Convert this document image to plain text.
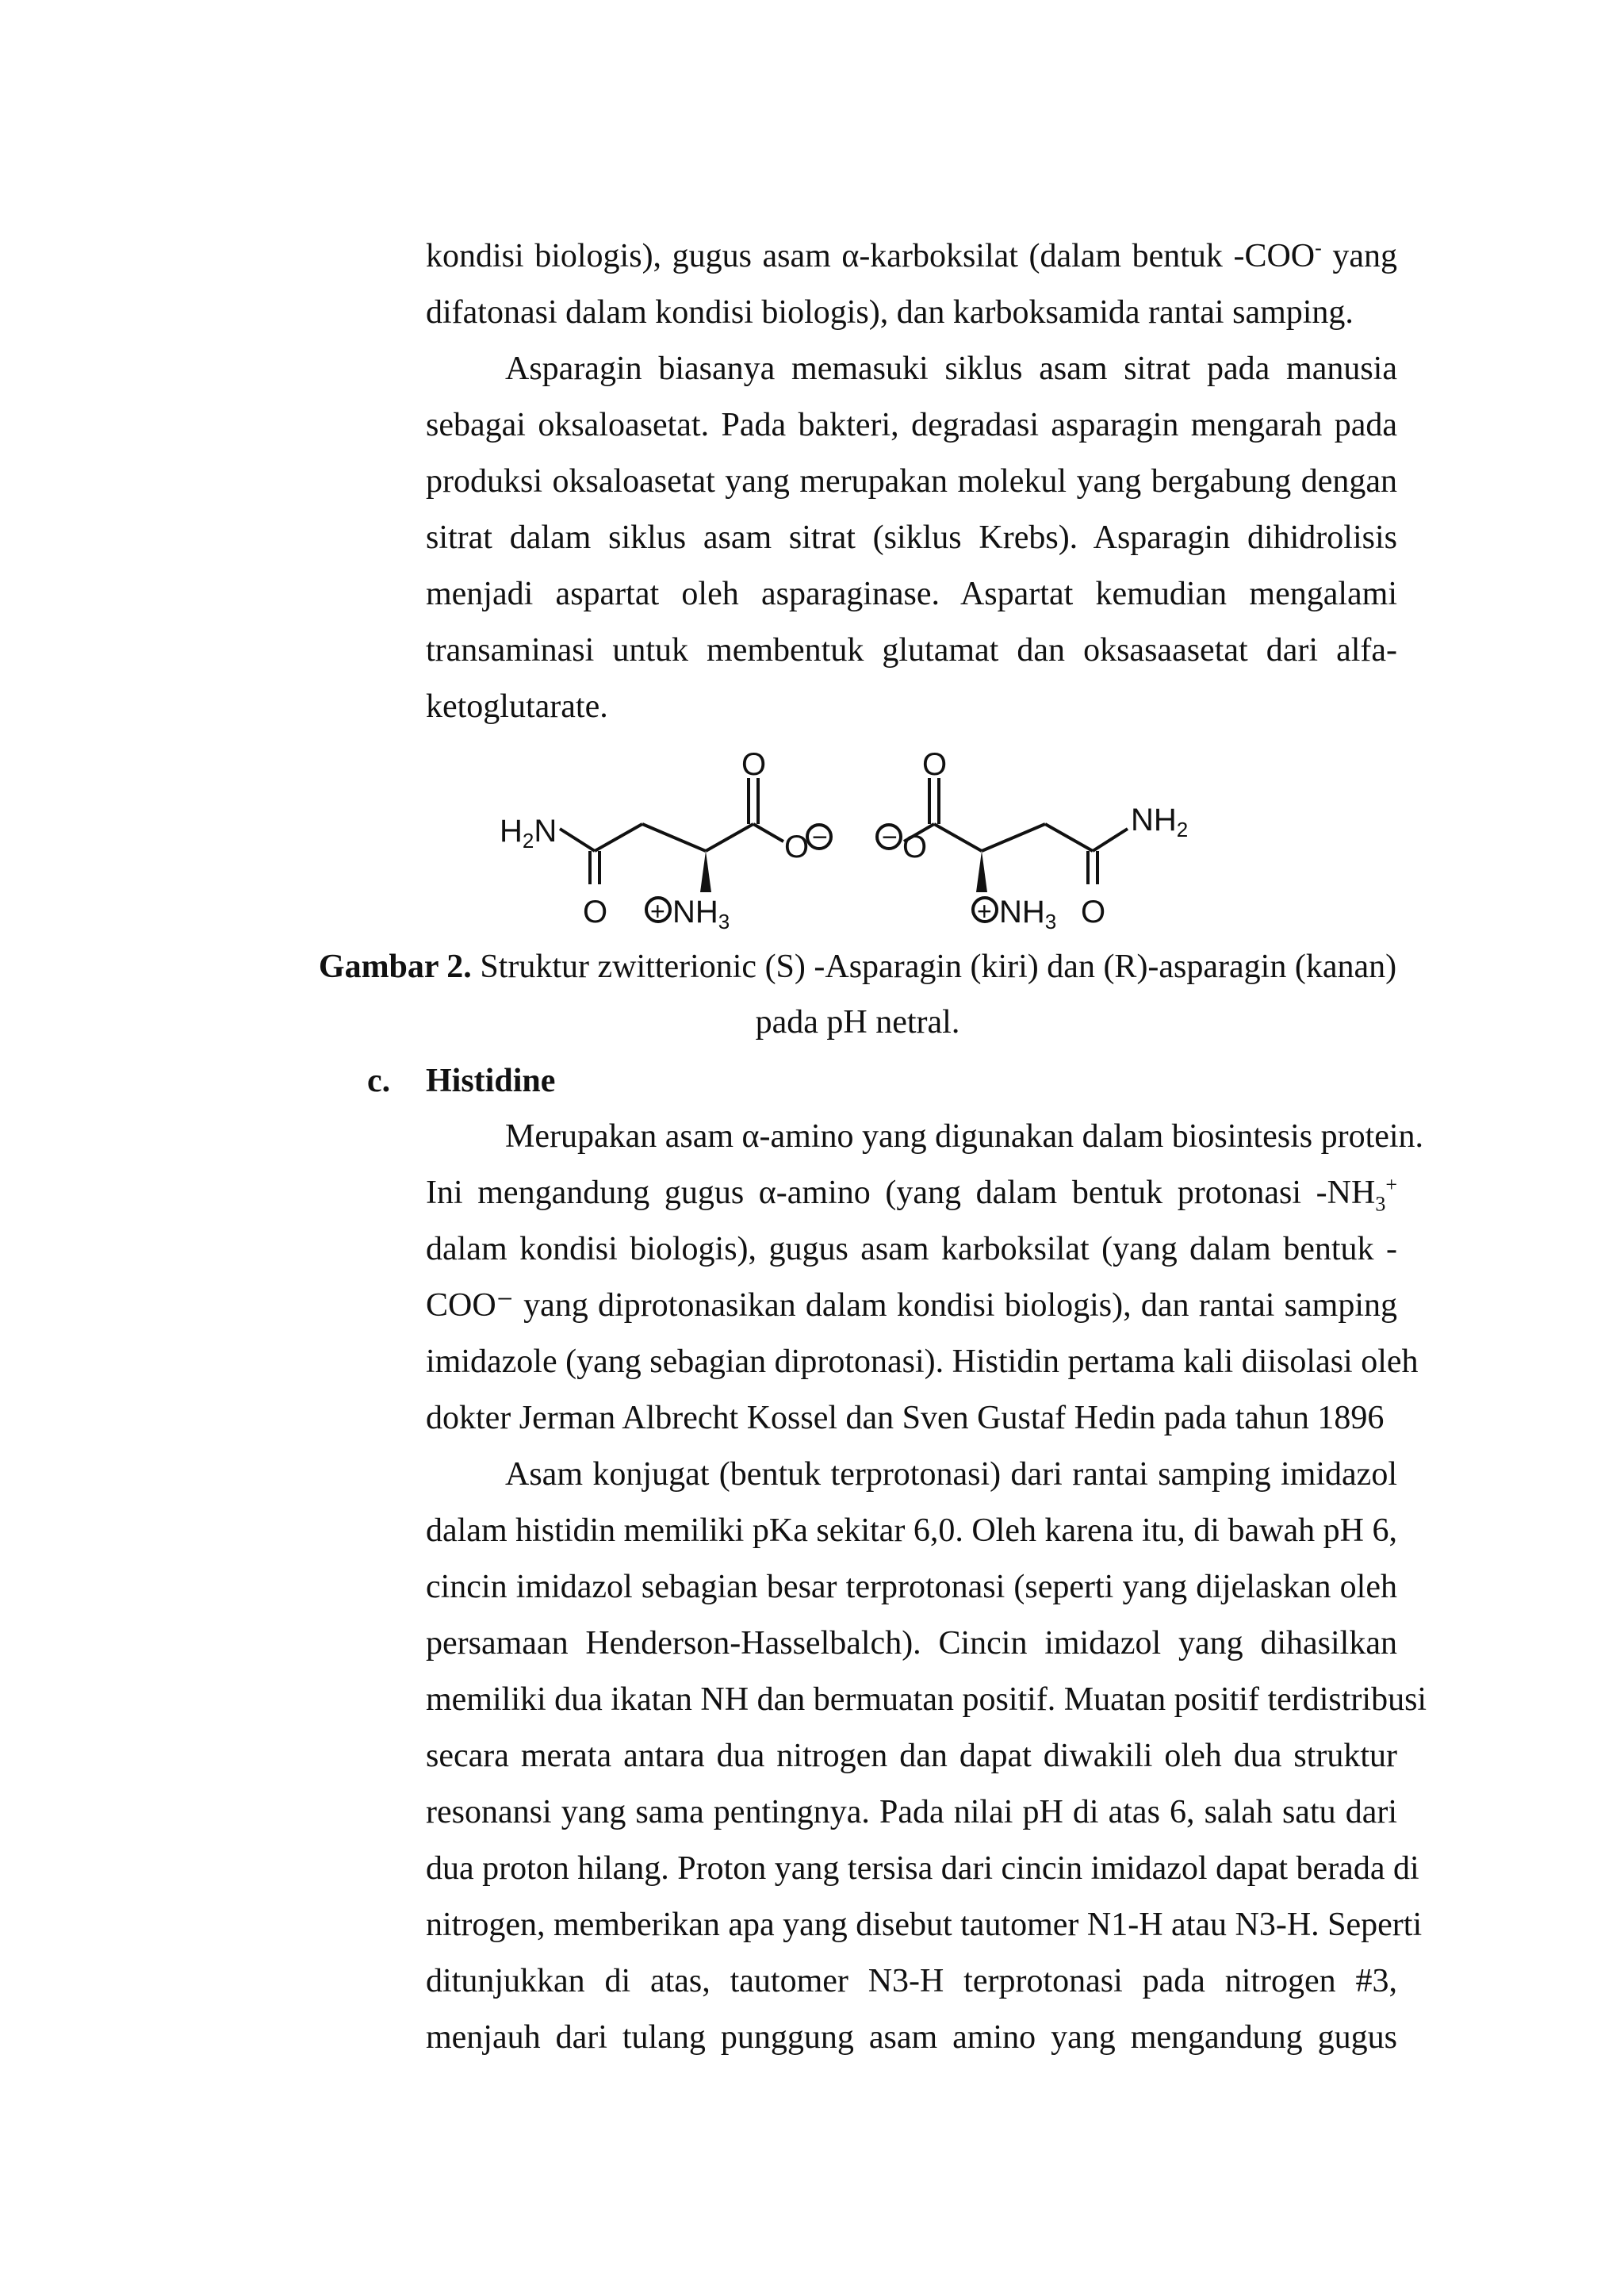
kondisi biologis), gugus asam α-karboksilat (dalam bentuk -COO- yang
difatonasi dalam kondisi biologis), dan karboksamida rantai samping.
Asparagin biasanya memasuki siklus asam sitrat pada manusia
sebagai oksaloasetat. Pada bakteri, degradasi asparagin mengarah pada
produksi oksaloasetat yang merupakan molekul yang bergabung dengan
sitrat dalam siklus asam sitrat (siklus Krebs). Asparagin dihidrolisis
menjadi aspartat oleh asparaginase. Aspartat kemudian mengalami
transaminasi untuk membentuk glutamat dan oksasaasetat dari alfa-
ketoglutarate.
$H_2N$
O
O
O −
+ $NH_3$
O
O
O
−
+ $NH_3$
$NH_2$
Gambar 2. Struktur zwitterionic (S) -Asparagin (kiri) dan (R)-asparagin (kanan)
pada pH netral.
c. Histidine
Merupakan asam α-amino yang digunakan dalam biosintesis protein.
Ini mengandung gugus α-amino (yang dalam bentuk protonasi $-NH_3^+$
dalam kondisi biologis), gugus asam karboksilat (yang dalam bentuk -
COO⁻ yang diprotonasikan dalam kondisi biologis), dan rantai samping
imidazole (yang sebagian diprotonasi). Histidin pertama kali diisolasi oleh
dokter Jerman Albrecht Kossel dan Sven Gustaf Hedin pada tahun 1896
Asam konjugat (bentuk terprotonasi) dari rantai samping imidazol
dalam histidin memiliki pKa sekitar 6,0. Oleh karena itu, di bawah pH 6,
cincin imidazol sebagian besar terprotonasi (seperti yang dijelaskan oleh
persamaan Henderson-Hasselbalch). Cincin imidazol yang dihasilkan
memiliki dua ikatan NH dan bermuatan positif. Muatan positif terdistribusi
secara merata antara dua nitrogen dan dapat diwakili oleh dua struktur
resonansi yang sama pentingnya. Pada nilai pH di atas 6, salah satu dari
dua proton hilang. Proton yang tersisa dari cincin imidazol dapat berada di
nitrogen, memberikan apa yang disebut tautomer N1-H atau N3-H. Seperti
ditunjukkan di atas, tautomer N3-H terprotonasi pada nitrogen #3,
menjauh dari tulang punggung asam amino yang mengandung gugus
